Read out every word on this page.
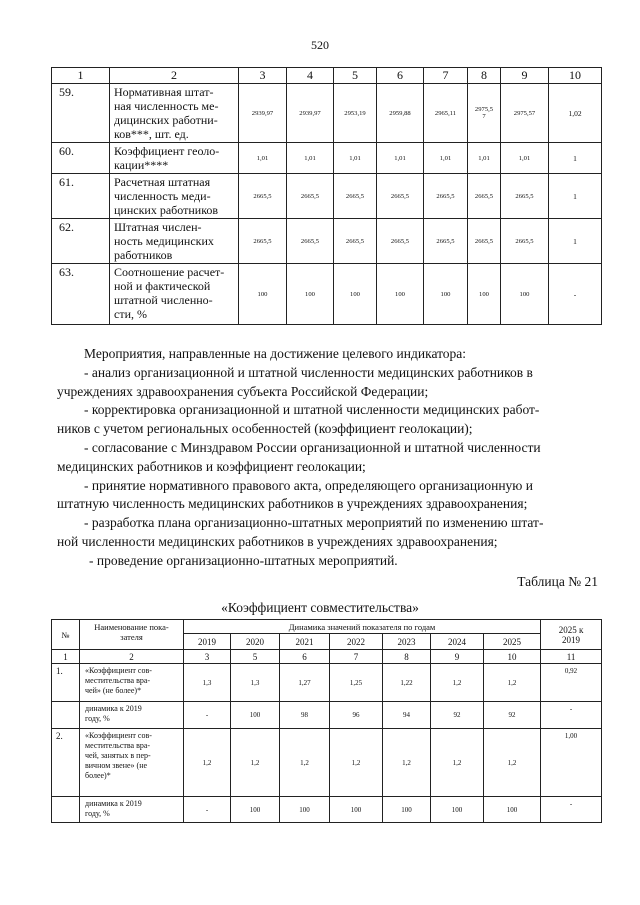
520
1	2	3	4	5	6	7	8	9	10
59.	Нормативная штат-
ная численность ме-
дицинских работни-
ков***, шт. ед.	2939,97	2939,97	2953,19	2959,88	2965,11	2975,5
7	2975,57	1,02
60.	Коэффициент геоло-
кации****	1,01	1,01	1,01	1,01	1,01	1,01	1,01	1
61.	Расчетная штатная
численность меди-
цинских работников	2665,5	2665,5	2665,5	2665,5	2665,5	2665,5	2665,5	1
62.	Штатная числен-
ность медицинских
работников	2665,5	2665,5	2665,5	2665,5	2665,5	2665,5	2665,5	1
63.	Соотношение расчет-
ной и фактической
штатной численно-
сти, %	100	100	100	100	100	100	100	-
Мероприятия, направленные на достижение целевого индикатора:
- анализ организационной и штатной численности медицинских работников в
учреждениях здравоохранения субъекта Российской Федерации;
- корректировка организационной и штатной численности медицинских работ-
ников с учетом региональных особенностей (коэффициент геолокации);
- согласование с Минздравом России организационной и штатной численности
медицинских работников и коэффициент геолокации;
- принятие нормативного правового акта, определяющего организационную и
штатную численность медицинских работников в учреждениях здравоохранения;
- разработка плана организационно-штатных мероприятий по изменению штат-
ной численности медицинских работников в учреждениях здравоохранения;
- проведение организационно-штатных мероприятий.
Таблица № 21
«Коэффициент совместительства»
№	Наименование пока-
зателя	Динамика значений показателя по годам							2025 к
2019
		2019	2020	2021	2022	2023	2024	2025	
1	2	3	5	6	7	8	9	10	11
1.	«Коэффициент сов-
местительства вра-
чей» (не более)*	1,3	1,3	1,27	1,25	1,22	1,2	1,2	0,92
	динамика к 2019
году, %	-	100	98	96	94	92	92	-
2.	«Коэффициент сов-
местительства вра-
чей, занятых в пер-
вичном звене» (не
более)*	1,2	1,2	1,2	1,2	1,2	1,2	1,2	1,00
	динамика к 2019
году, %	-	100	100	100	100	100	100	-
